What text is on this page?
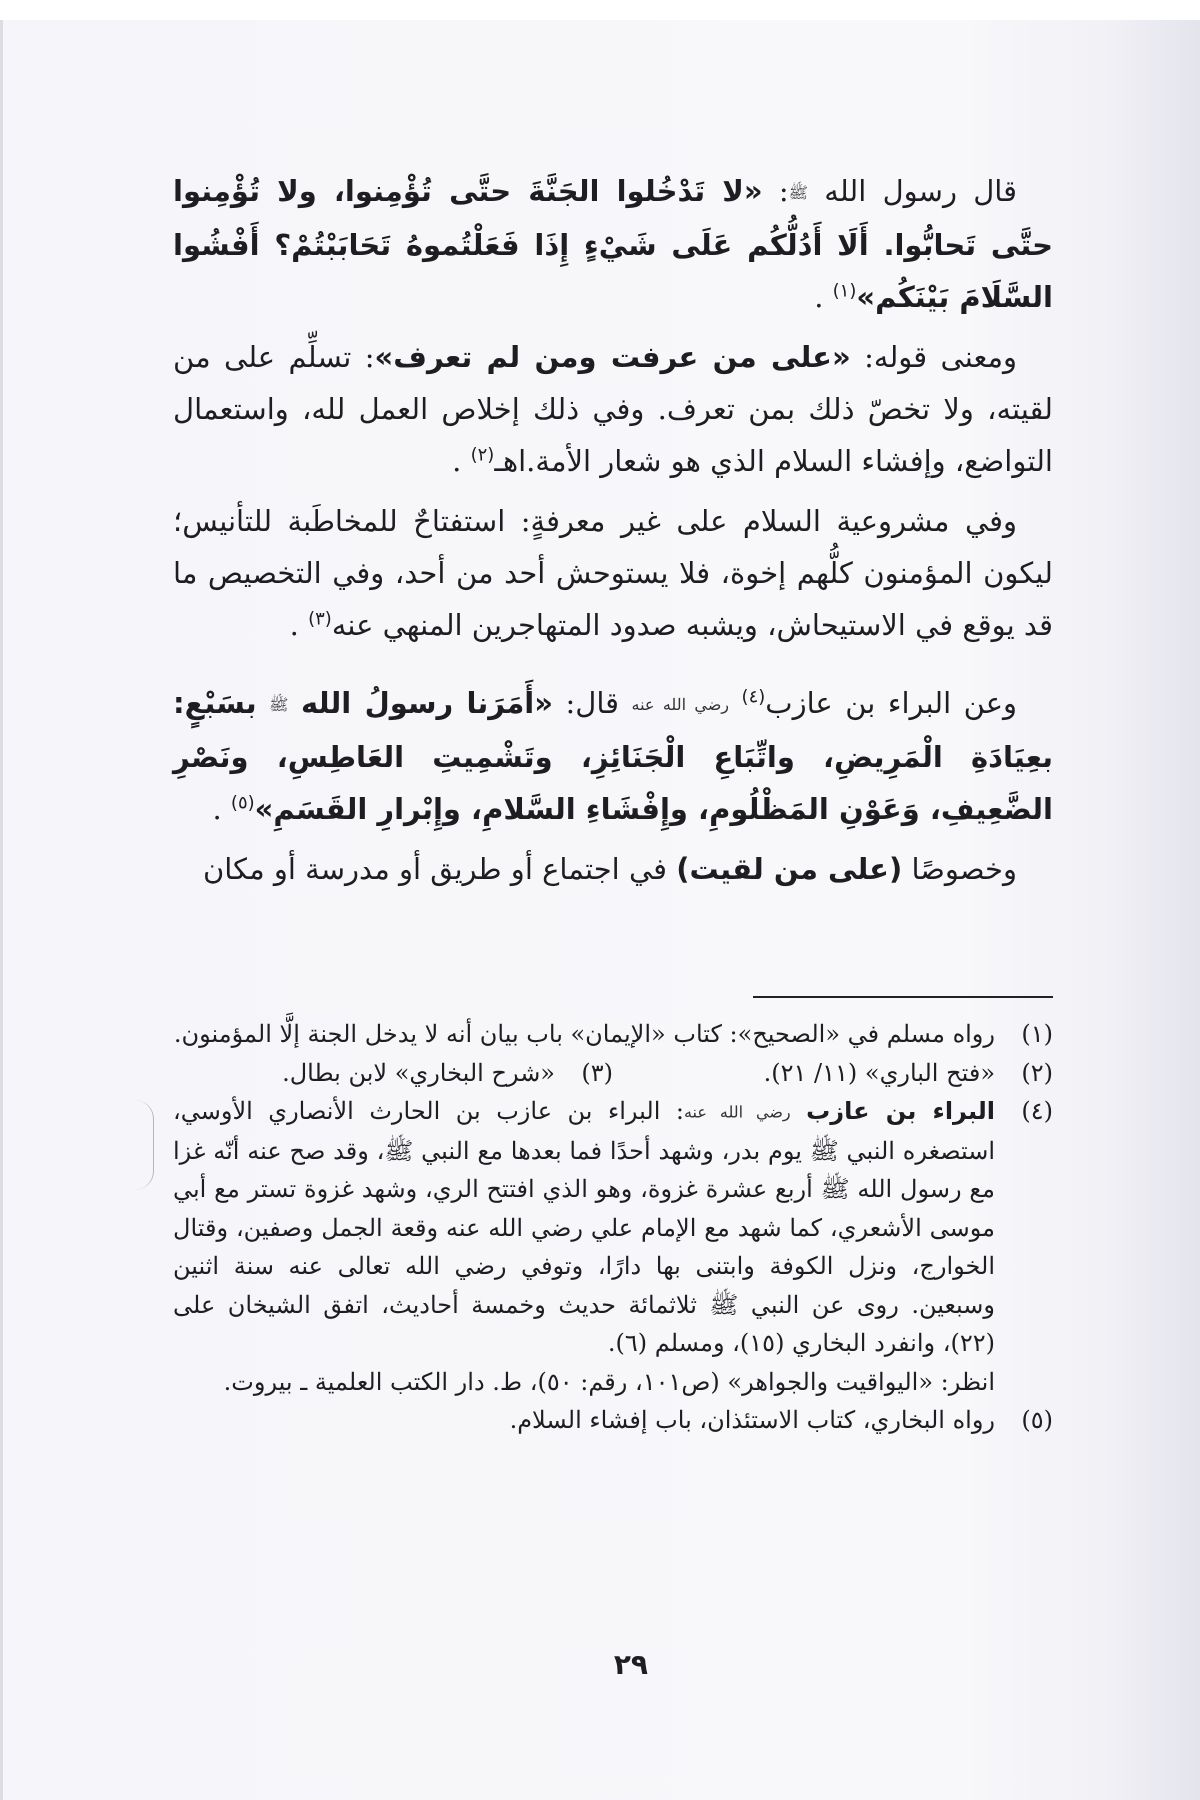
قال رسول الله ﷺ: «لا تَدْخُلوا الجَنَّةَ حتَّى تُؤْمِنوا، ولا تُؤْمِنوا حتَّى تَحابُّوا. أَلَا أَدُلُّكُم عَلَى شَيْءٍ إِذَا فَعَلْتُموهُ تَحَابَبْتُمْ؟ أَفْشُوا السَّلَامَ بَيْنَكُم»$^{(١)}$ .

ومعنى قوله: «على من عرفت ومن لم تعرف»: تسلِّم على من لقيته، ولا تخصّ ذلك بمن تعرف. وفي ذلك إخلاص العمل لله، واستعمال التواضع، وإفشاء السلام الذي هو شعار الأمة.اهـ$^{(٢)}$ .

وفي مشروعية السلام على غير معرفةٍ: استفتاحٌ للمخاطَبة للتأنيس؛ ليكون المؤمنون كلُّهم إخوة، فلا يستوحش أحد من أحد، وفي التخصيص ما قد يوقع في الاستيحاش، ويشبه صدود المتهاجرين المنهي عنه$^{(٣)}$ .

وعن البراء بن عازب$^{(٤)}$ رضي الله عنه قال: «أَمَرَنا رسولُ الله ﷺ بسَبْعٍ: بعِيَادَةِ الْمَرِيضِ، واتِّبَاعِ الْجَنَائِزِ، وتَشْمِيتِ العَاطِسِ، ونَصْرِ الضَّعِيفِ، وَعَوْنِ المَظْلُومِ، وإِفْشَاءِ السَّلامِ، وإِبْرارِ القَسَمِ»$^{(٥)}$ .

وخصوصًا (على من لقيت) في اجتماع أو طريق أو مدرسة أو مكان

(١)
رواه مسلم في «الصحيح»: كتاب «الإيمان» باب بيان أنه لا يدخل الجنة إلَّا المؤمنون.
(٢)
«فتح الباري» (١١/ ٢١).
(٣)
«شرح البخاري» لابن بطال.
(٤)
البراء بن عازب رضي الله عنه: البراء بن عازب بن الحارث الأنصاري الأوسي، استصغره النبي ﷺ يوم بدر، وشهد أحدًا فما بعدها مع النبي ﷺ، وقد صح عنه أنّه غزا مع رسول الله ﷺ أربع عشرة غزوة، وهو الذي افتتح الري، وشهد غزوة تستر مع أبي موسى الأشعري، كما شهد مع الإمام علي رضي الله عنه وقعة الجمل وصفين، وقتال الخوارج، ونزل الكوفة وابتنى بها دارًا، وتوفي رضي الله تعالى عنه سنة اثنين وسبعين. روى عن النبي ﷺ ثلاثمائة حديث وخمسة أحاديث، اتفق الشيخان على (٢٢)، وانفرد البخاري (١٥)، ومسلم (٦).
انظر: «اليواقيت والجواهر» (ص١٠١، رقم: ٥٠)، ط. دار الكتب العلمية ـ بيروت.
(٥)
رواه البخاري، كتاب الاستئذان، باب إفشاء السلام.
٢٩
